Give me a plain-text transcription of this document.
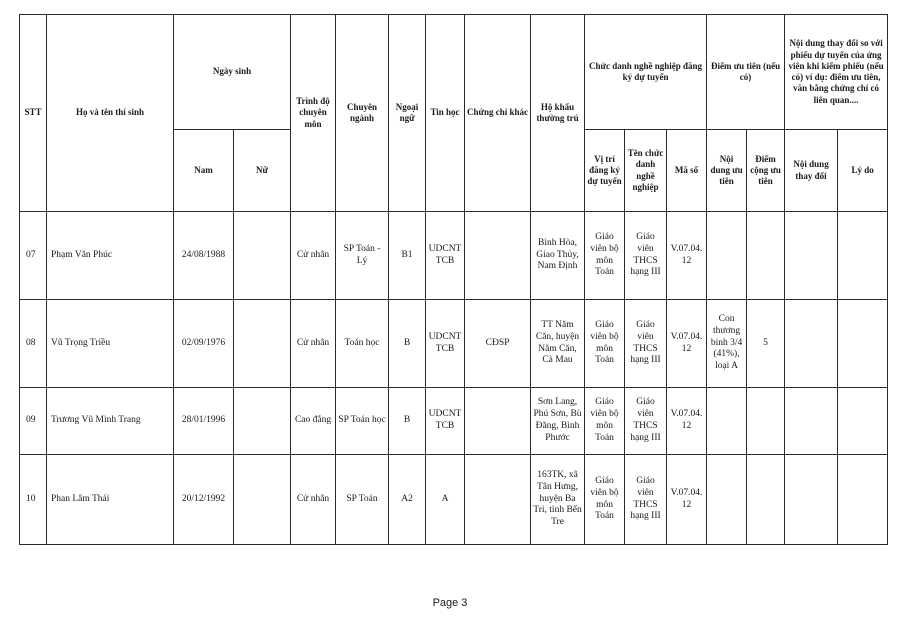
STT	Họ và tên thí sinh	Ngày sinh		Trình độ chuyên môn	Chuyên ngành	Ngoại ngữ	Tin học	Chứng chỉ khác	Hộ khẩu thường trú	Chức danh nghề nghiệp đăng ký dự tuyển			Điểm ưu tiên (nếu có)		Nội dung thay đổi so với phiếu dự tuyển của ứng viên khi kiểm phiếu (nếu có) ví dụ: điểm ưu tiên, văn bằng chứng chỉ có liên quan....	
		Nam	Nữ							Vị trí đăng ký dự tuyển	Tên chức danh nghề nghiệp	Mã số	Nội dung ưu tiên	Điểm cộng ưu tiên	Nội dung thay đổi	Lý do
07	Phạm Văn Phúc	24/08/1988		Cử nhân	SP Toán - Lý	B1	UDCNT TCB		Bình Hòa, Giao Thủy, Nam Định	Giáo viên bộ môn Toán	Giáo viên THCS hạng III	V.07.04. 12				
08	Vũ Trọng Triều	02/09/1976		Cử nhân	Toán học	B	UDCNT TCB	CĐSP	TT Năm Căn, huyện Năm Căn, Cà Mau	Giáo viên bộ môn Toán	Giáo viên THCS hạng III	V.07.04. 12	Con thương binh 3/4 (41%), loại A	5		
09	Trương Vũ Minh Trang	28/01/1996		Cao đẳng	SP Toán học	B	UDCNT TCB		Sơn Lang, Phú Sơn, Bù Đăng, Bình Phước	Giáo viên bộ môn Toán	Giáo viên THCS hạng III	V.07.04. 12				
10	Phan Lâm Thái	20/12/1992		Cử nhân	SP Toán	A2	A		163TK, xã Tân Hưng, huyện Ba Tri, tỉnh Bến Tre	Giáo viên bộ môn Toán	Giáo viên THCS hạng III	V.07.04. 12				
Page 3
